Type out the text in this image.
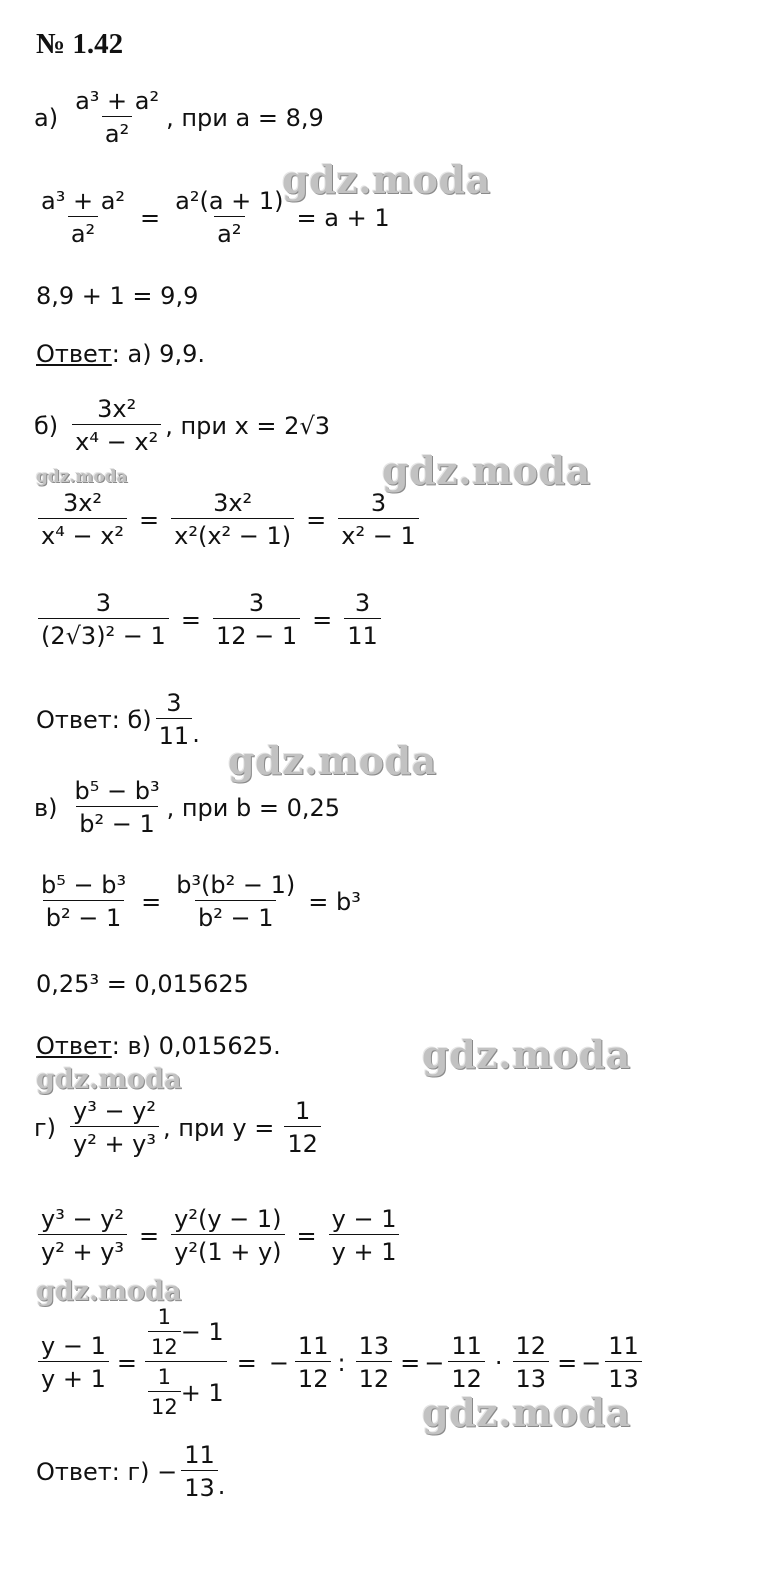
№ 1.42
$а) \frac{\text{a³ + a²}}{\text{a²}}$ , при a = 8,9
$\frac{\text{a³ + a²}}{\text{a²}} = \frac{\text{a²(a + 1)}}{\text{a²}} = a + 1$
8,9 + 1 = 9,9
Ответ: а) 9,9.
$б) \frac{\text{3x²}}{\text{x⁴ − x²}}$ , при x = 2√3
$\frac{\text{3x²}}{\text{x⁴ − x²}} = \frac{\text{3x²}}{\text{x²(x² − 1)}} = \frac{3}{\text{x² − 1}}$
$\frac{3}{\text{(2√3)² − 1}} = \frac{3}{12 - 1} = \frac{3}{11}$
Ответ: $б) \frac{3}{11}$ .
$в) \frac{\text{b⁵ − b³}}{\text{b² − 1}}$ , при b = 0,25
$\frac{\text{b⁵ − b³}}{\text{b² − 1}} = \frac{\text{b³(b² − 1)}}{\text{b² − 1}} = b^3$
0,25³ = 0,015625
Ответ: в) 0,015625.
$г) \frac{\text{y³ − y²}}{\text{y² + y³}}$ , при $y = \frac{1}{12}$
$\frac{\text{y³ − y²}}{\text{y² + y³}} = \frac{\text{y²(y − 1)}}{\text{y²(1 + y)}} = \frac{y - 1}{y + 1}$
$\frac{y - 1}{y + 1} = \frac{\frac{1}{12} - 1}{\frac{1}{12} + 1}$ = − $\frac{11}{12}$ : $\frac{13}{12}$ = − $\frac{11}{12} \cdot \frac{12}{13}$ = − $\frac{11}{13}$
Ответ: $г) - \frac{11}{13}$ .
gdz.moda
gdz.moda	gdz.moda
gdz.moda
gdz.moda
gdz.moda
gdz.moda
gdz.moda
